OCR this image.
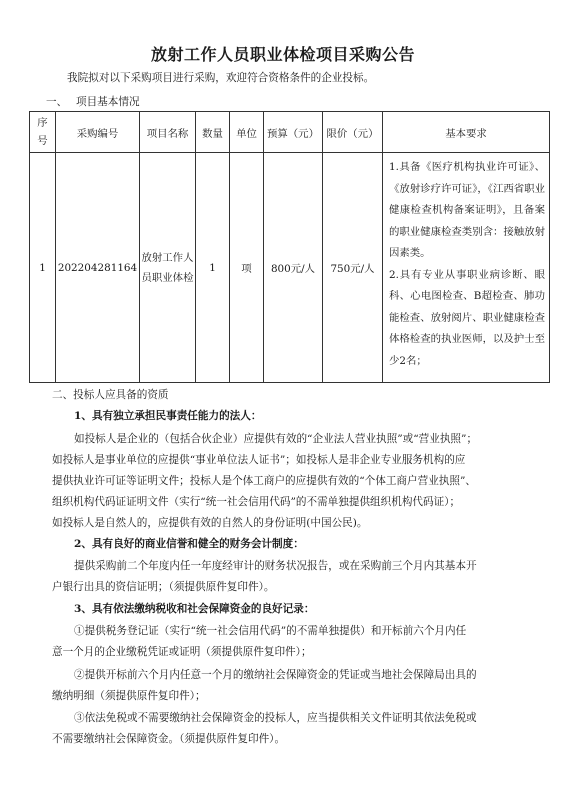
放射工作人员职业体检项目采购公告
我院拟对以下采购项目进行采购，欢迎符合资格条件的企业投标。
一、 项目基本情况
序
号	采购编号	项目名称	数量	单位	预算（元）	限价（元）	基本要求
1	202204281164	放射工作人员职业体检	1	项	800元/人	750元/人	1.具备《医疗机构执业许可证》、《放射诊疗许可证》，《江西省职业健康检查机构备案证明》，且备案的职业健康检查类别含：接触放射因素类。

2.具有专业从事职业病诊断、眼科、心电图检查、B超检查、肺功能检查、放射阅片、职业健康检查体格检查的执业医师，以及护士至少2名；

二、投标人应具备的资质
1、具有独立承担民事责任能力的法人：
如投标人是企业的（包括合伙企业）应提供有效的“企业法人营业执照”或“营业执照”；
如投标人是事业单位的应提供“事业单位法人证书”；如投标人是非企业专业服务机构的应
提供执业许可证等证明文件；投标人是个体工商户的应提供有效的“个体工商户营业执照”、
组织机构代码证证明文件（实行“统一社会信用代码”的不需单独提供组织机构代码证）；
如投标人是自然人的，应提供有效的自然人的身份证明(中国公民)。
2、具有良好的商业信誉和健全的财务会计制度：
提供采购前二个年度内任一年度经审计的财务状况报告，或在采购前三个月内其基本开
户银行出具的资信证明；（须提供原件复印件）。
3、具有依法缴纳税收和社会保障资金的良好记录：
①提供税务登记证（实行“统一社会信用代码”的不需单独提供）和开标前六个月内任
意一个月的企业缴税凭证或证明（须提供原件复印件）；
②提供开标前六个月内任意一个月的缴纳社会保障资金的凭证或当地社会保障局出具的
缴纳明细（须提供原件复印件）；
③依法免税或不需要缴纳社会保障资金的投标人，应当提供相关文件证明其依法免税或
不需要缴纳社会保障资金。（须提供原件复印件）。
